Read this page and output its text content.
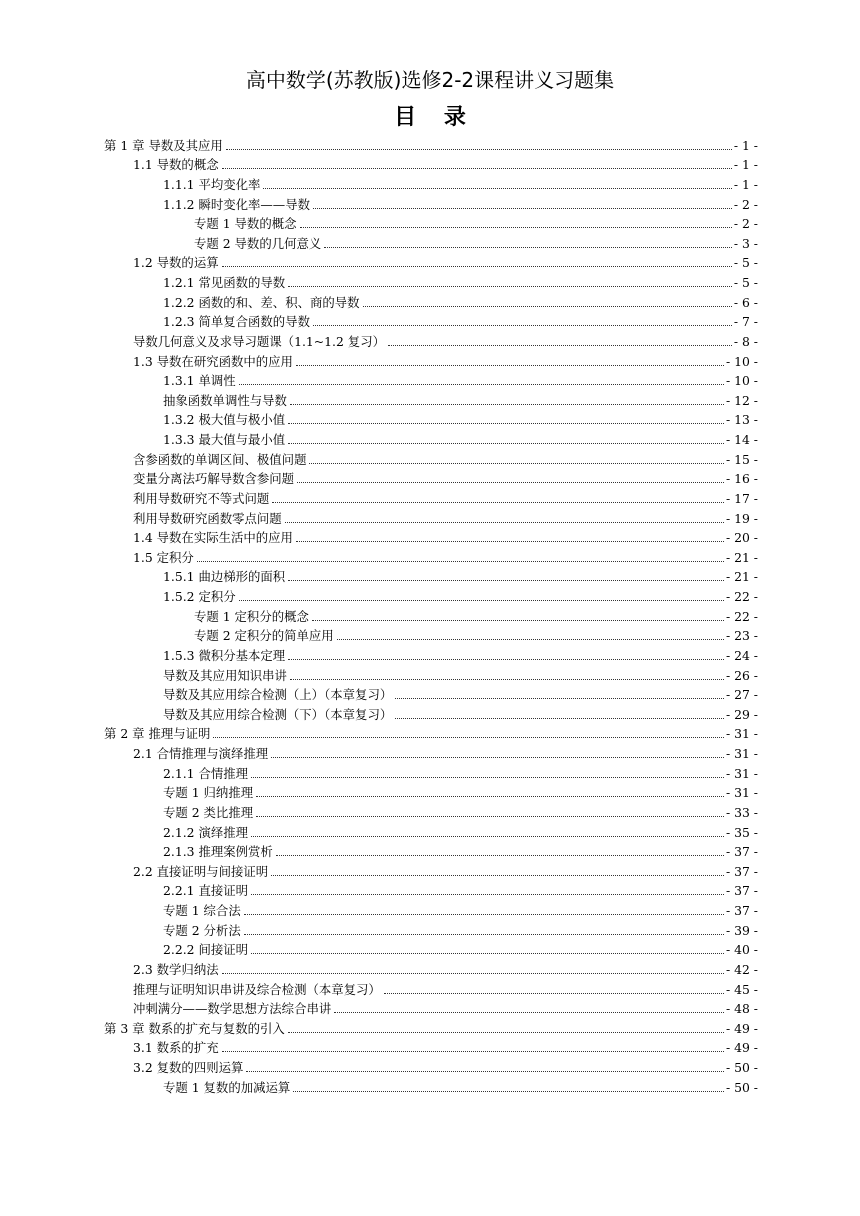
高中数学(苏教版)选修2-2课程讲义习题集
目 录
第 1 章 导数及其应用	- 1 -
1.1 导数的概念	- 1 -
1.1.1 平均变化率	- 1 -
1.1.2 瞬时变化率——导数	- 2 -
专题 1 导数的概念	- 2 -
专题 2 导数的几何意义	- 3 -
1.2 导数的运算	- 5 -
1.2.1 常见函数的导数	- 5 -
1.2.2 函数的和、差、积、商的导数	- 6 -
1.2.3 简单复合函数的导数	- 7 -
导数几何意义及求导习题课（1.1~1.2 复习）	- 8 -
1.3 导数在研究函数中的应用	- 10 -
1.3.1 单调性	- 10 -
抽象函数单调性与导数	- 12 -
1.3.2 极大值与极小值	- 13 -
1.3.3 最大值与最小值	- 14 -
含参函数的单调区间、极值问题	- 15 -
变量分离法巧解导数含参问题	- 16 -
利用导数研究不等式问题	- 17 -
利用导数研究函数零点问题	- 19 -
1.4 导数在实际生活中的应用	- 20 -
1.5 定积分	- 21 -
1.5.1 曲边梯形的面积	- 21 -
1.5.2 定积分	- 22 -
专题 1 定积分的概念	- 22 -
专题 2 定积分的简单应用	- 23 -
1.5.3 微积分基本定理	- 24 -
导数及其应用知识串讲	- 26 -
导数及其应用综合检测（上）（本章复习）	- 27 -
导数及其应用综合检测（下）（本章复习）	- 29 -
第 2 章 推理与证明	- 31 -
2.1 合情推理与演绎推理	- 31 -
2.1.1 合情推理	- 31 -
专题 1 归纳推理	- 31 -
专题 2 类比推理	- 33 -
2.1.2 演绎推理	- 35 -
2.1.3 推理案例赏析	- 37 -
2.2 直接证明与间接证明	- 37 -
2.2.1 直接证明	- 37 -
专题 1 综合法	- 37 -
专题 2 分析法	- 39 -
2.2.2 间接证明	- 40 -
2.3 数学归纳法	- 42 -
推理与证明知识串讲及综合检测（本章复习）	- 45 -
冲刺满分——数学思想方法综合串讲	- 48 -
第 3 章 数系的扩充与复数的引入	- 49 -
3.1 数系的扩充	- 49 -
3.2 复数的四则运算	- 50 -
专题 1 复数的加减运算	- 50 -
